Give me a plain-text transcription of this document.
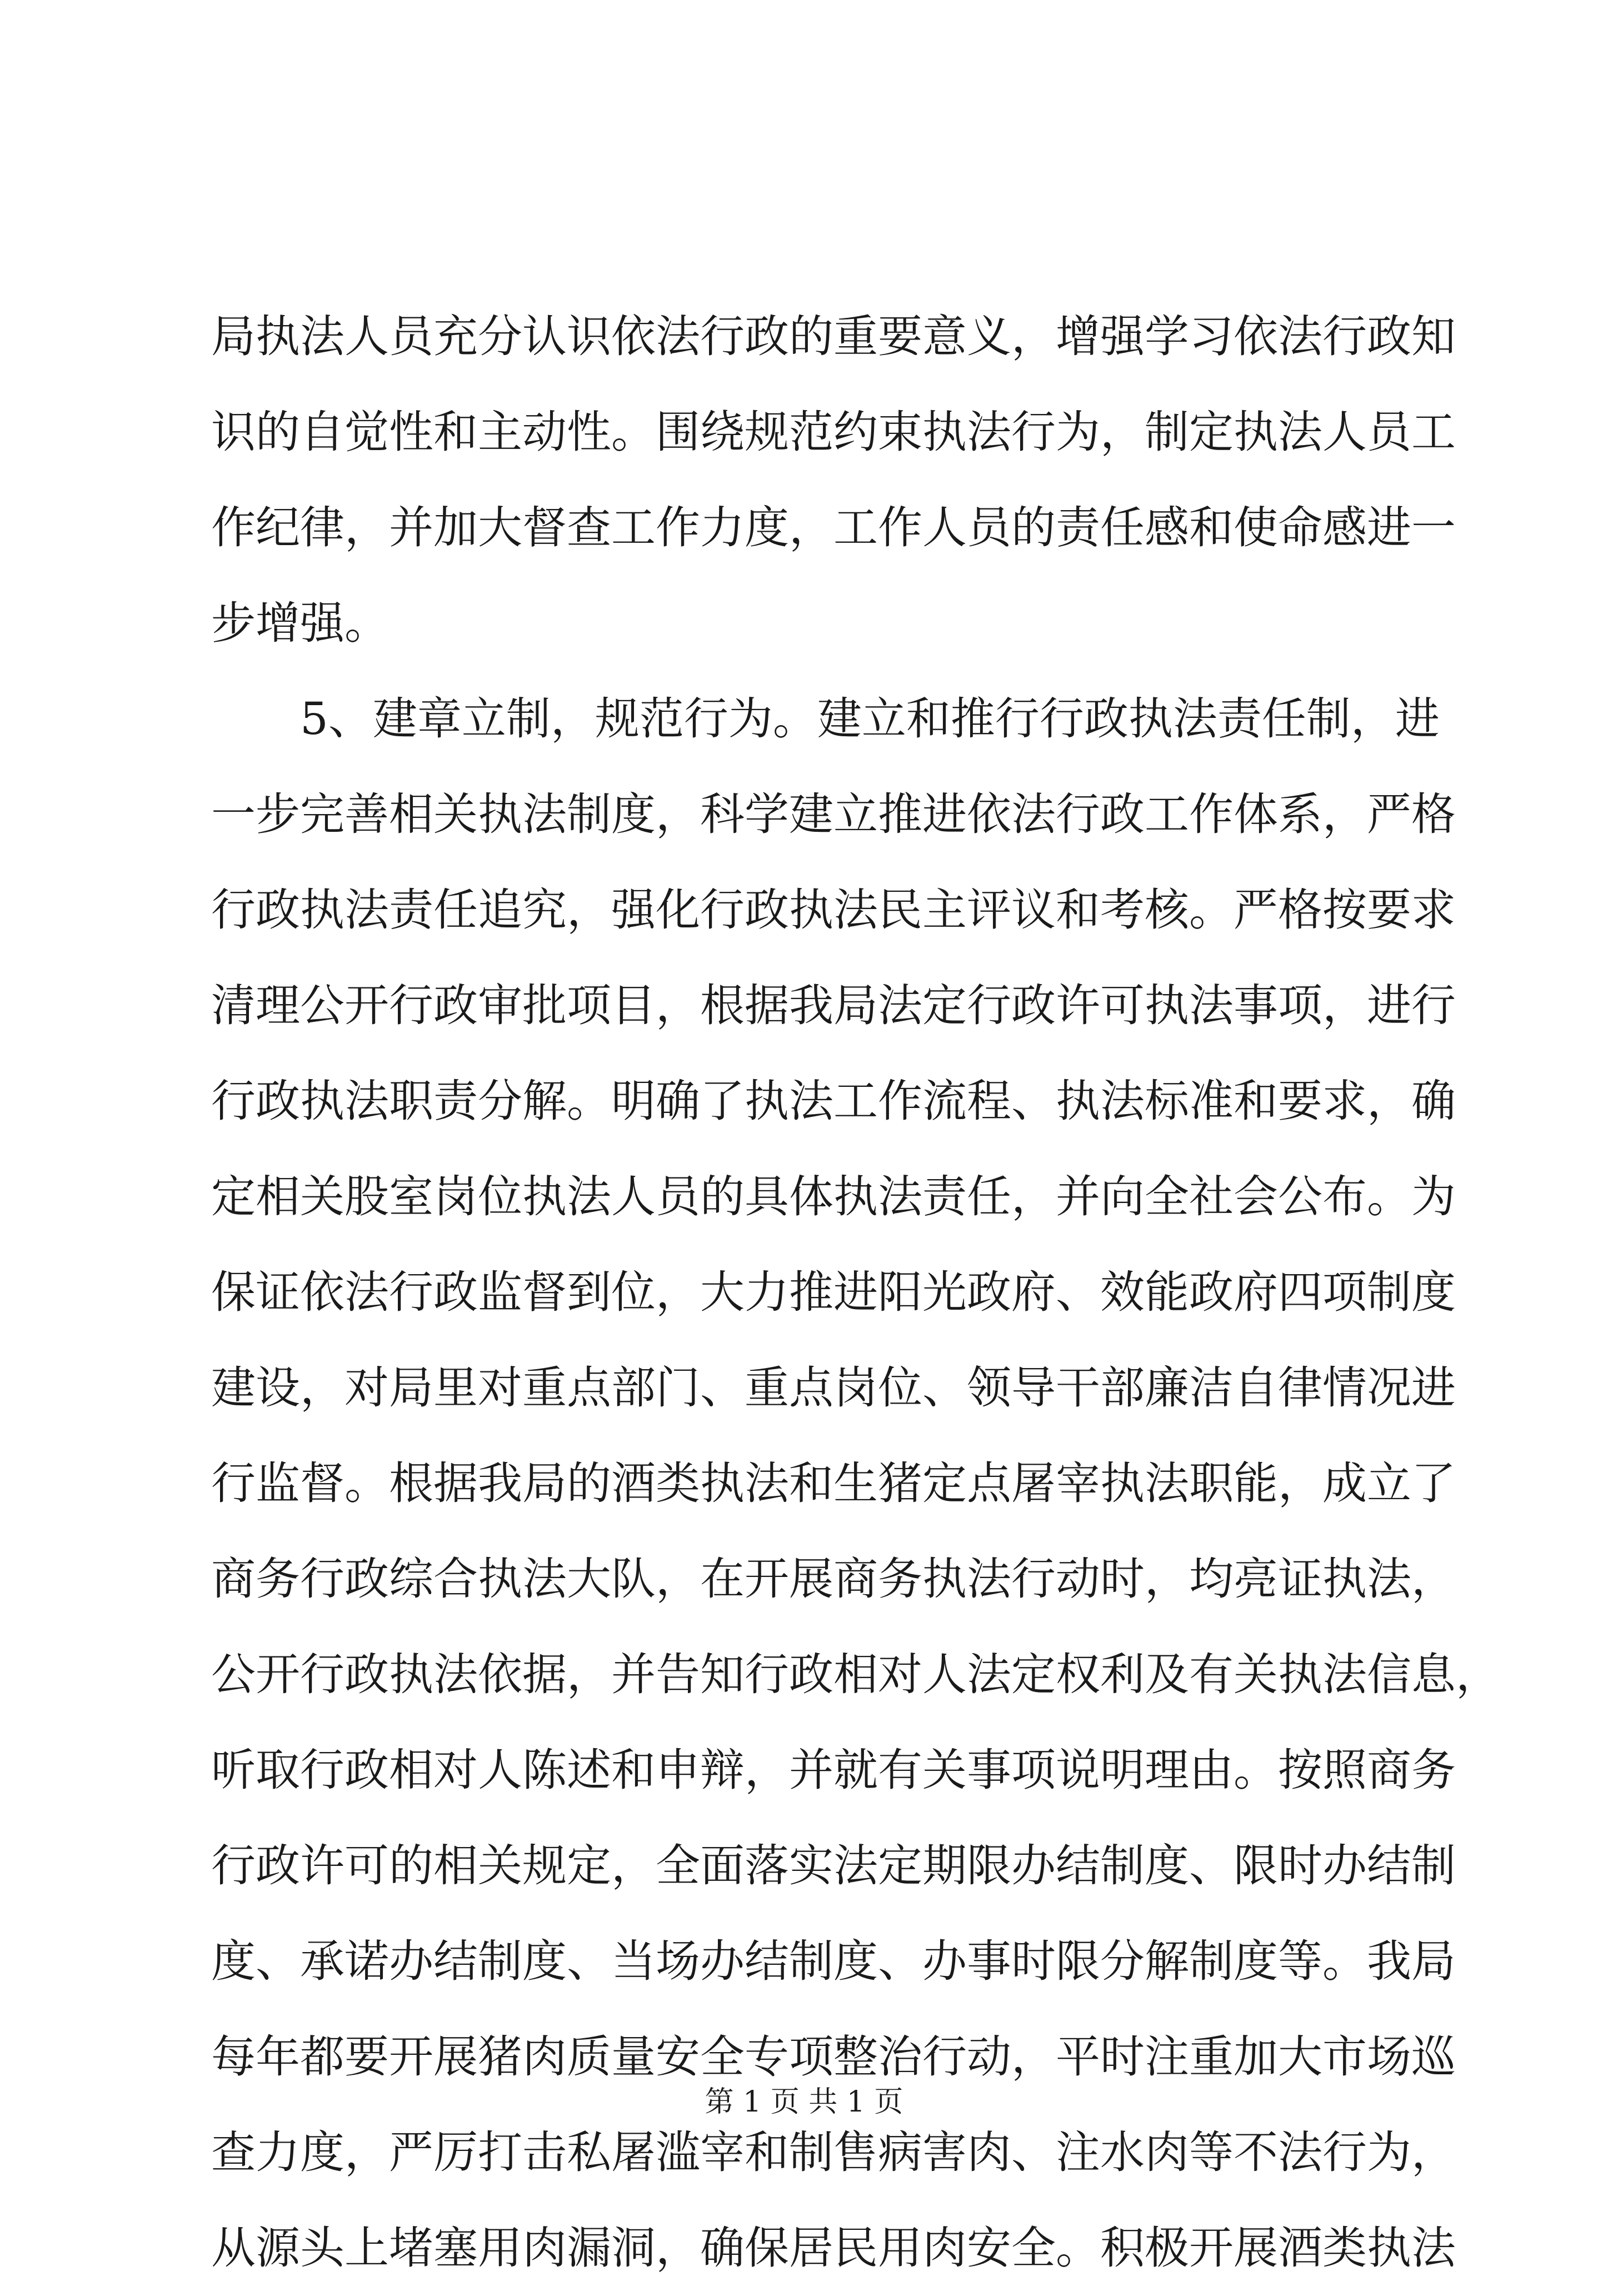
局执法人员充分认识依法行政的重要意义，增强学习依法行政知
识的自觉性和主动性。围绕规范约束执法行为，制定执法人员工
作纪律，并加大督查工作力度，工作人员的责任感和使命感进一
步增强。
5、建章立制，规范行为。建立和推行行政执法责任制，进
一步完善相关执法制度，科学建立推进依法行政工作体系，严格
行政执法责任追究，强化行政执法民主评议和考核。严格按要求
清理公开行政审批项目，根据我局法定行政许可执法事项，进行
行政执法职责分解。明确了执法工作流程、执法标准和要求，确
定相关股室岗位执法人员的具体执法责任，并向全社会公布。为
保证依法行政监督到位，大力推进阳光政府、效能政府四项制度
建设，对局里对重点部门、重点岗位、领导干部廉洁自律情况进
行监督。根据我局的酒类执法和生猪定点屠宰执法职能，成立了
商务行政综合执法大队，在开展商务执法行动时，均亮证执法，
公开行政执法依据，并告知行政相对人法定权利及有关执法信息，
听取行政相对人陈述和申辩，并就有关事项说明理由。按照商务
行政许可的相关规定，全面落实法定期限办结制度、限时办结制
度、承诺办结制度、当场办结制度、办事时限分解制度等。我局
每年都要开展猪肉质量安全专项整治行动，平时注重加大市场巡
查力度，严厉打击私屠滥宰和制售病害肉、注水肉等不法行为，
从源头上堵塞用肉漏洞，确保居民用肉安全。积极开展酒类执法
第 1 页 共 1 页
